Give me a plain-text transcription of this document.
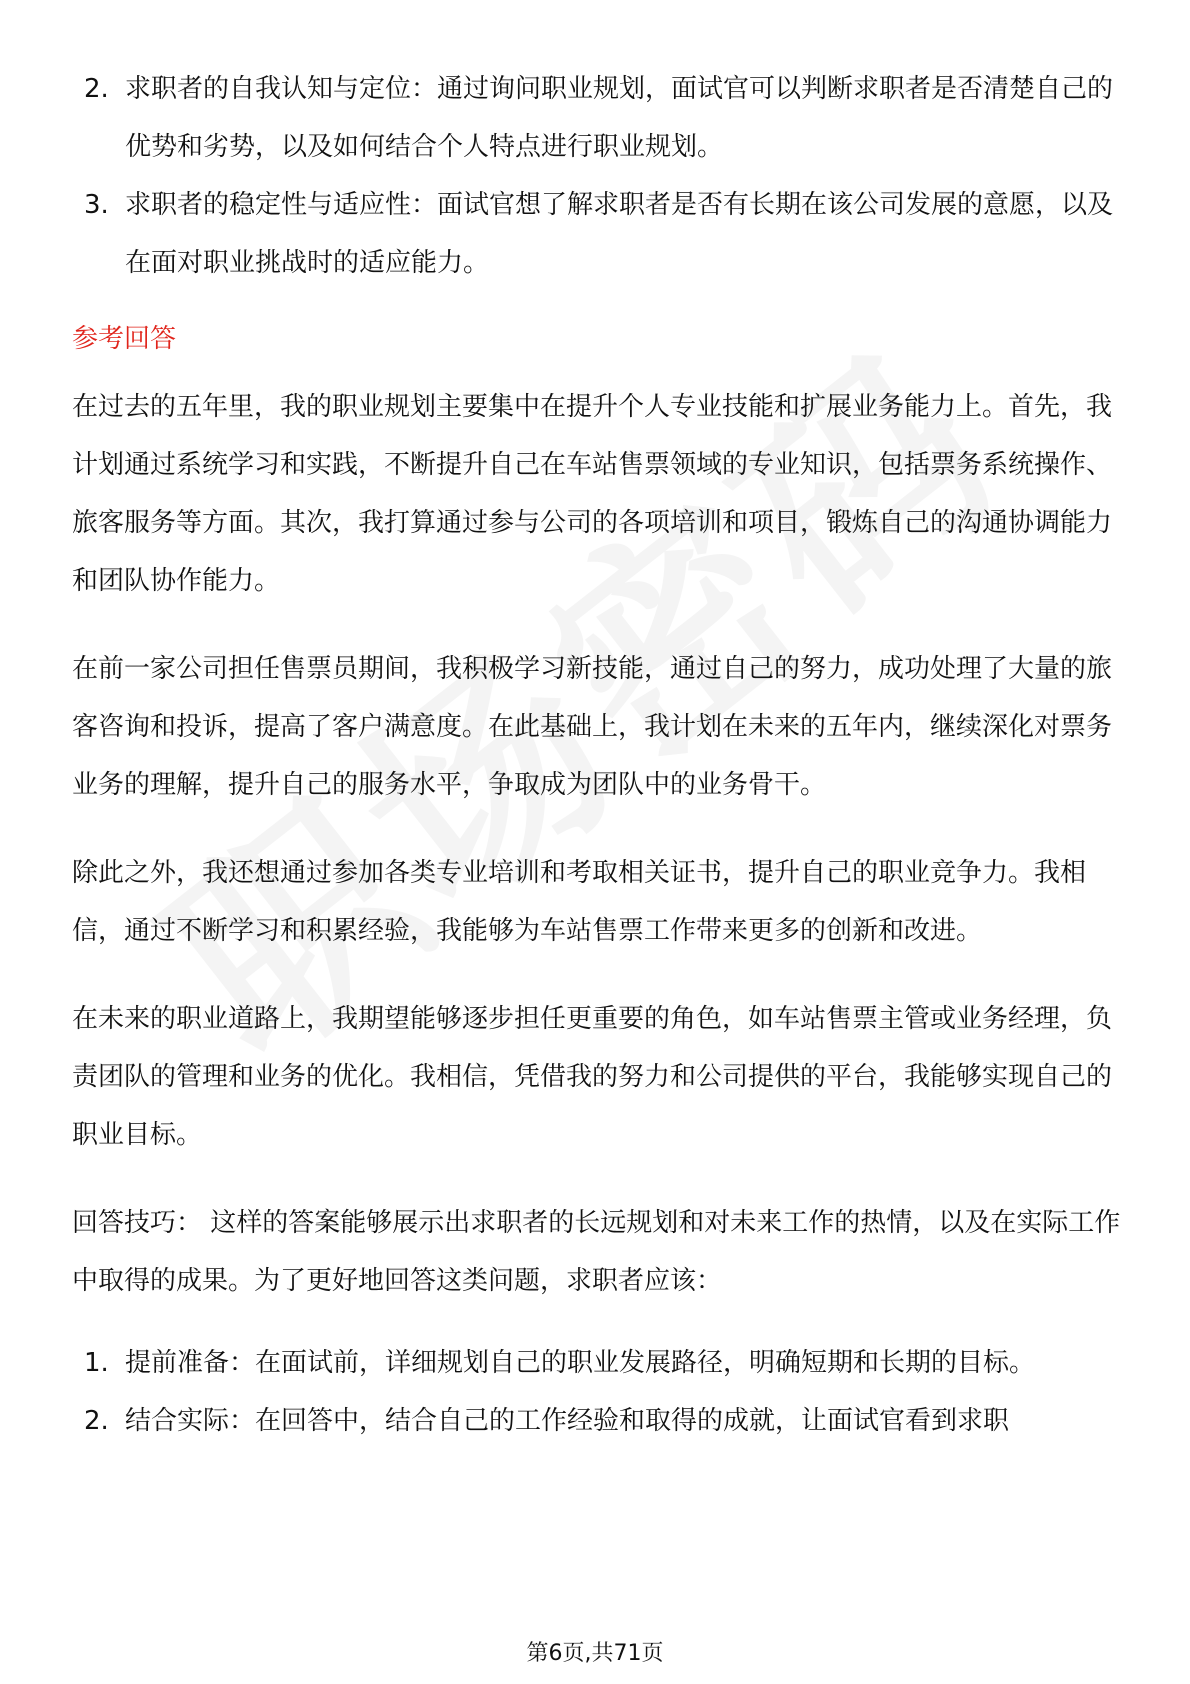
2. 求职者的自我认知与定位：通过询问职业规划，面试官可以判断求职者是否清楚自己的优势和劣势，以及如何结合个人特点进行职业规划。
3. 求职者的稳定性与适应性：面试官想了解求职者是否有长期在该公司发展的意愿，以及在面对职业挑战时的适应能力。
参考回答

在过去的五年里，我的职业规划主要集中在提升个人专业技能和扩展业务能力上。首先，我计划通过系统学习和实践，不断提升自己在车站售票领域的专业知识，包括票务系统操作、旅客服务等方面。其次，我打算通过参与公司的各项培训和项目，锻炼自己的沟通协调能力和团队协作能力。

在前一家公司担任售票员期间，我积极学习新技能，通过自己的努力，成功处理了大量的旅客咨询和投诉，提高了客户满意度。在此基础上，我计划在未来的五年内，继续深化对票务业务的理解，提升自己的服务水平，争取成为团队中的业务骨干。

除此之外，我还想通过参加各类专业培训和考取相关证书，提升自己的职业竞争力。我相信，通过不断学习和积累经验，我能够为车站售票工作带来更多的创新和改进。

在未来的职业道路上，我期望能够逐步担任更重要的角色，如车站售票主管或业务经理，负责团队的管理和业务的优化。我相信，凭借我的努力和公司提供的平台，我能够实现自己的职业目标。

回答技巧： 这样的答案能够展示出求职者的长远规划和对未来工作的热情，以及在实际工作中取得的成果。为了更好地回答这类问题，求职者应该：

1. 提前准备：在面试前，详细规划自己的职业发展路径，明确短期和长期的目标。
2. 结合实际：在回答中，结合自己的工作经验和取得的成就，让面试官看到求职
第6页,共71页
